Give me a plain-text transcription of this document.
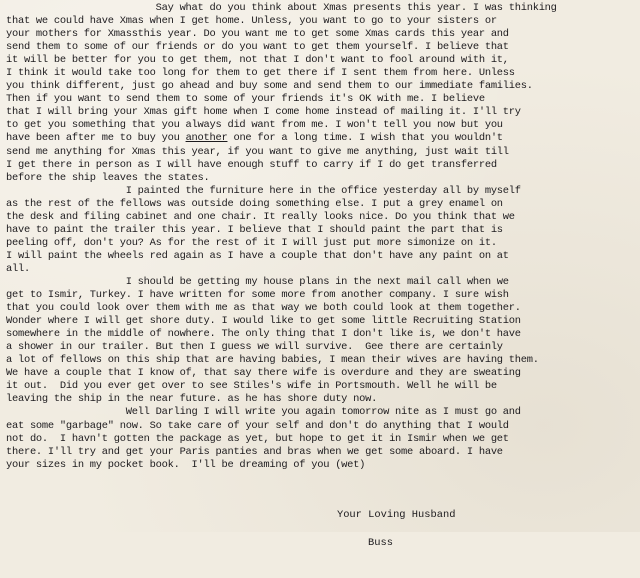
Say what do you think about Xmas presents this year. I was thinking
that we could have Xmas when I get home. Unless, you want to go to your sisters or
your mothers for Xmassthis year. Do you want me to get some Xmas cards this year and
send them to some of our friends or do you want to get them yourself. I believe that
it will be better for you to get them, not that I don't want to fool around with it,
I think it would take too long for them to get there if I sent them from here. Unless
you think different, just go ahead and buy some and send them to our immediate families.
Then if you want to send them to some of your friends it's OK with me. I believe
that I will bring your Xmas gift home when I come home instead of mailing it. I'll try
to get you something that you always did want from me. I won't tell you now but you
have been after me to buy you another one for a long time. I wish that you wouldn't
send me anything for Xmas this year, if you want to give me anything, just wait till
I get there in person as I will have enough stuff to carry if I do get transferred
before the ship leaves the states.
I painted the furniture here in the office yesterday all by myself
as the rest of the fellows was outside doing something else. I put a grey enamel on
the desk and filing cabinet and one chair. It really looks nice. Do you think that we
have to paint the trailer this year. I believe that I should paint the part that is
peeling off, don't you? As for the rest of it I will just put more simonize on it.
I will paint the wheels red again as I have a couple that don't have any paint on at
all.
I should be getting my house plans in the next mail call when we
get to Ismir, Turkey. I have written for some more from another company. I sure wish
that you could look over them with me as that way we both could look at them together.
Wonder where I will get shore duty. I would like to get some little Recruiting Station
somewhere in the middle of nowhere. The only thing that I don't like is, we don't have
a shower in our trailer. But then I guess we will survive.  Gee there are certainly
a lot of fellows on this ship that are having babies, I mean their wives are having them.
We have a couple that I know of, that say there wife is overdure and they are sweating
it out.  Did you ever get over to see Stiles's wife in Portsmouth. Well he will be
leaving the ship in the near future. as he has shore duty now.
Well Darling I will write you again tomorrow nite as I must go and
eat some "garbage" now. So take care of your self and don't do anything that I would
not do.  I havn't gotten the package as yet, but hope to get it in Ismir when we get
there. I'll try and get your Paris panties and bras when we get some aboard. I have
your sizes in my pocket book.  I'll be dreaming of you (wet)

Your Loving Husband

Buss
